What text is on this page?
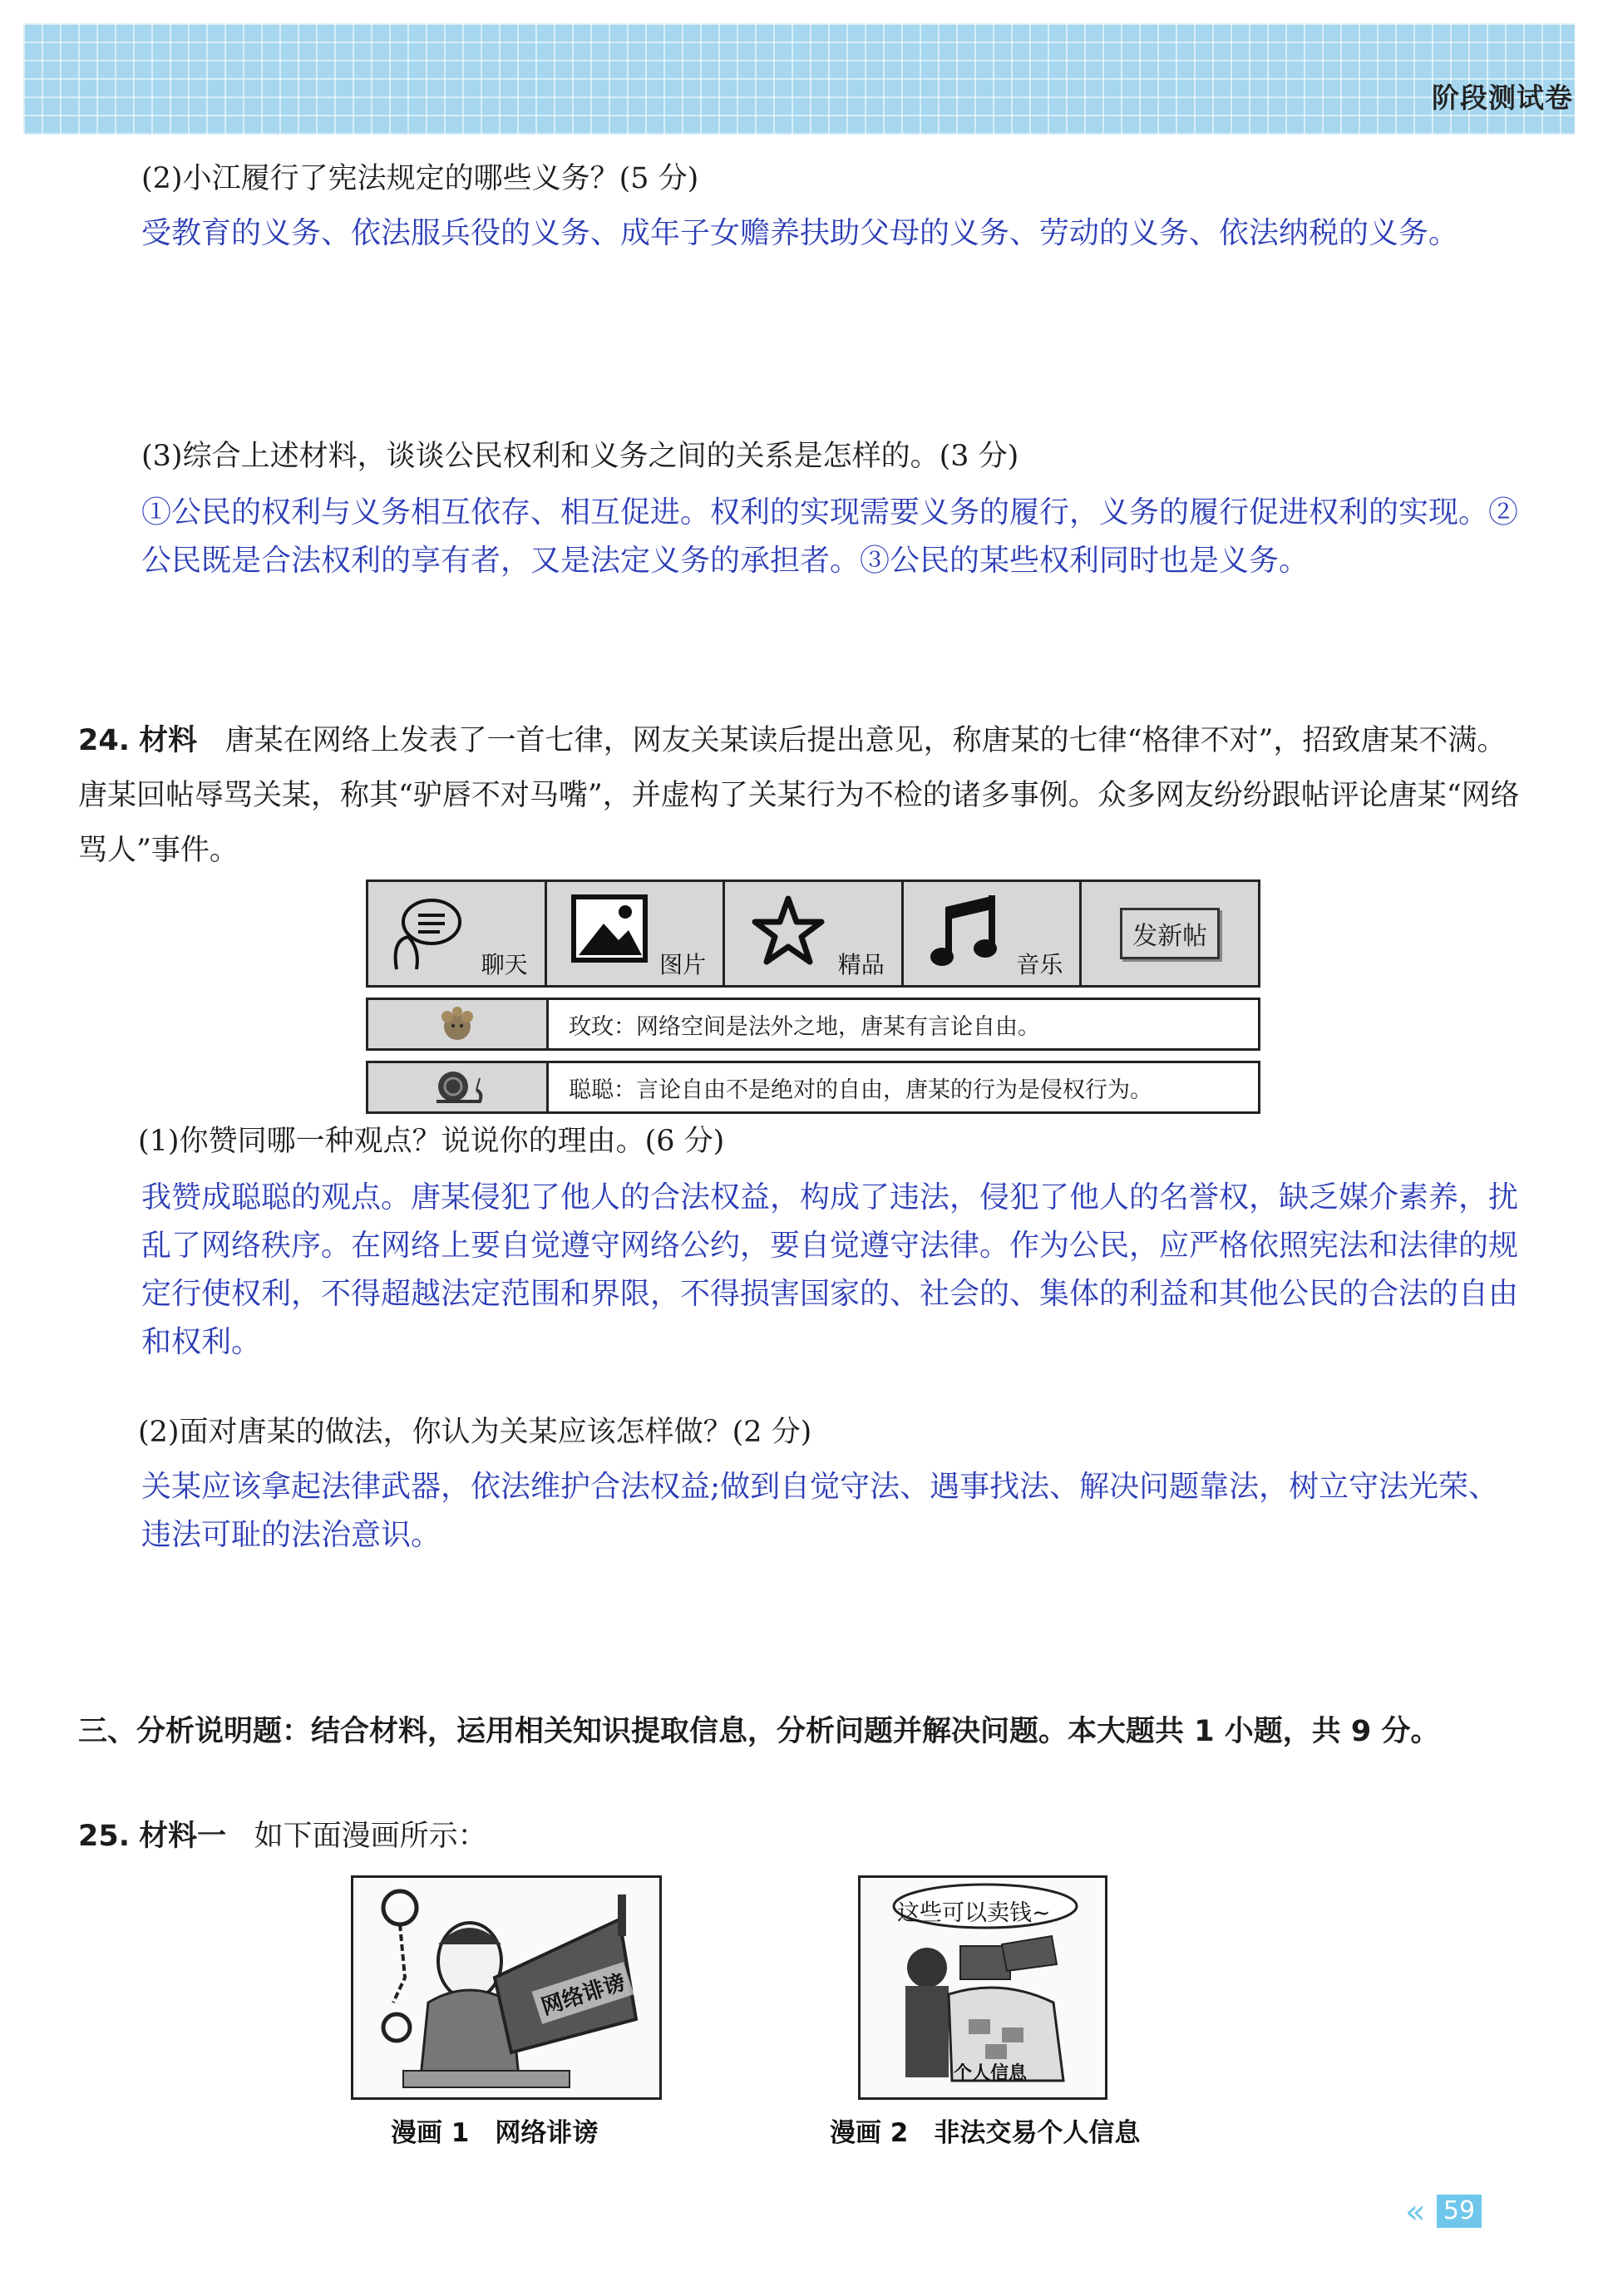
阶段测试卷
(2)小江履行了宪法规定的哪些义务？(5 分)
受教育的义务、依法服兵役的义务、成年子女赡养扶助父母的义务、劳动的义务、依法纳税的义务。
(3)综合上述材料，谈谈公民权利和义务之间的关系是怎样的。(3 分)
①公民的权利与义务相互依存、相互促进。权利的实现需要义务的履行，义务的履行促进权利的实现。②公民既是合法权利的享有者，又是法定义务的承担者。③公民的某些权利同时也是义务。
24. 材料 唐某在网络上发表了一首七律，网友关某读后提出意见，称唐某的七律“格律不对”，招致唐某不满。唐某回帖辱骂关某，称其“驴唇不对马嘴”，并虚构了关某行为不检的诸多事例。众多网友纷纷跟帖评论唐某“网络骂人”事件。
聊天	图片	精品	音乐
发新帖
玫玫：网络空间是法外之地，唐某有言论自由。
聪聪：言论自由不是绝对的自由，唐某的行为是侵权行为。
(1)你赞同哪一种观点？说说你的理由。(6 分)
我赞成聪聪的观点。唐某侵犯了他人的合法权益，构成了违法，侵犯了他人的名誉权，缺乏媒介素养，扰乱了网络秩序。在网络上要自觉遵守网络公约，要自觉遵守法律。作为公民，应严格依照宪法和法律的规定行使权利，不得超越法定范围和界限，不得损害国家的、社会的、集体的利益和其他公民的合法的自由和权利。
(2)面对唐某的做法，你认为关某应该怎样做？(2 分)
关某应该拿起法律武器，依法维护合法权益;做到自觉守法、遇事找法、解决问题靠法，树立守法光荣、违法可耻的法治意识。
三、分析说明题：结合材料，运用相关知识提取信息，分析问题并解决问题。本大题共 1 小题，共 9 分。
25. 材料一 如下面漫画所示：
网络诽谤
漫画 1　网络诽谤
这些可以卖钱~
个人信息
漫画 2　非法交易个人信息
« 59
